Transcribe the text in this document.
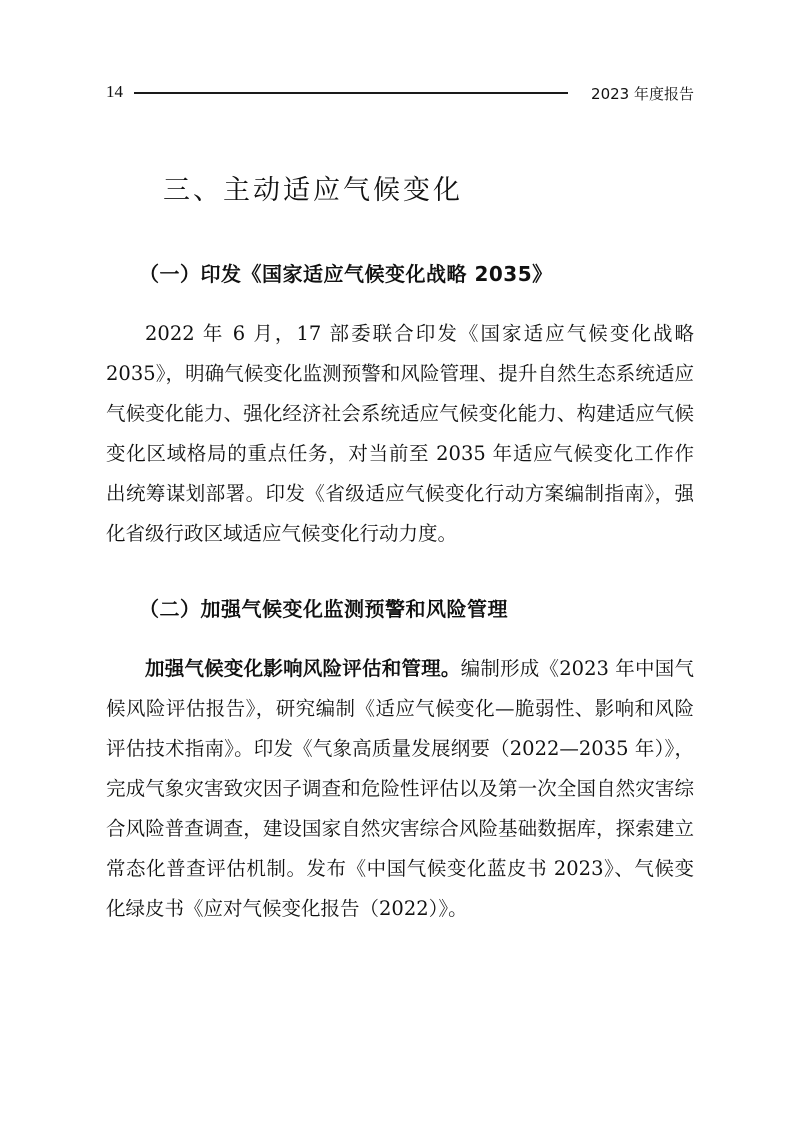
14	2023 年度报告
三、主动适应气候变化
（一）印发《国家适应气候变化战略 2035》

2022 年 6 月，17 部委联合印发《国家适应气候变化战略 2035》，明确气候变化监测预警和风险管理、提升自然生态系统适应气候变化能力、强化经济社会系统适应气候变化能力、构建适应气候变化区域格局的重点任务，对当前至 2035 年适应气候变化工作作出统筹谋划部署。印发《省级适应气候变化行动方案编制指南》，强化省级行政区域适应气候变化行动力度。

（二）加强气候变化监测预警和风险管理

加强气候变化影响风险评估和管理。编制形成《2023 年中国气候风险评估报告》，研究编制《适应气候变化—脆弱性、影响和风险评估技术指南》。印发《气象高质量发展纲要（2022—2035 年）》，完成气象灾害致灾因子调查和危险性评估以及第一次全国自然灾害综合风险普查调查，建设国家自然灾害综合风险基础数据库，探索建立常态化普查评估机制。发布《中国气候变化蓝皮书 2023》、气候变化绿皮书《应对气候变化报告（2022）》。
